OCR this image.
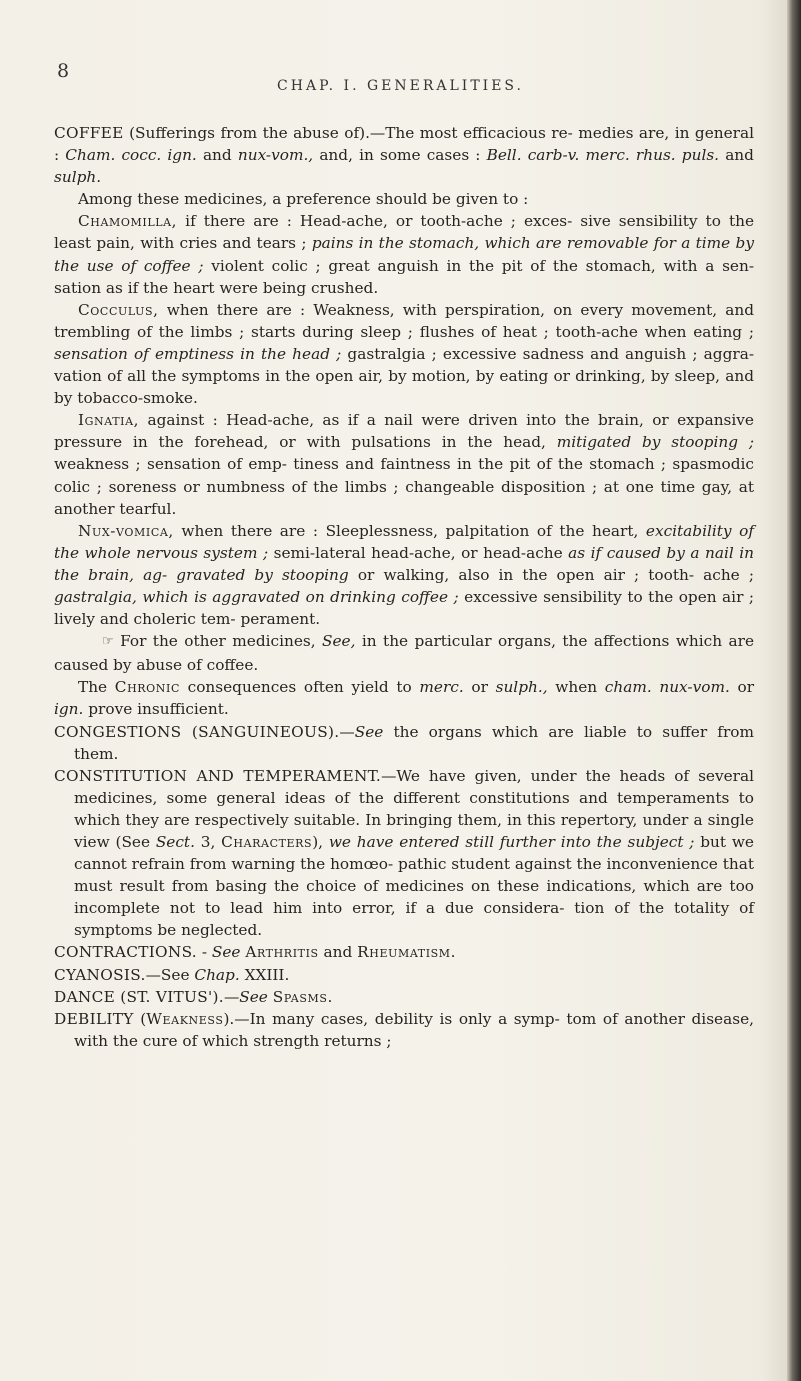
8
CHAP. I. GENERALITIES.

COFFEE (Sufferings from the abuse of).—The most efficacious re- medies are, in general : Cham. cocc. ign. and nux-vom., and, in some cases : Bell. carb-v. merc. rhus. puls. and sulph.

Among these medicines, a preference should be given to :

Chamomilla, if there are : Head-ache, or tooth-ache ; exces- sive sensibility to the least pain, with cries and tears ; pains in the stomach, which are removable for a time by the use of coffee ; violent colic ; great anguish in the pit of the stomach, with a sen- sation as if the heart were being crushed.

Cocculus, when there are : Weakness, with perspiration, on every movement, and trembling of the limbs ; starts during sleep ; flushes of heat ; tooth-ache when eating ; sensation of emptiness in the head ; gastralgia ; excessive sadness and anguish ; aggra- vation of all the symptoms in the open air, by motion, by eating or drinking, by sleep, and by tobacco-smoke.

Ignatia, against : Head-ache, as if a nail were driven into the brain, or expansive pressure in the forehead, or with pulsations in the head, mitigated by stooping ; weakness ; sensation of emp- tiness and faintness in the pit of the stomach ; spasmodic colic ; soreness or numbness of the limbs ; changeable disposition ; at one time gay, at another tearful.

Nux-vomica, when there are : Sleeplessness, palpitation of the heart, excitability of the whole nervous system ; semi-lateral head-ache, or head-ache as if caused by a nail in the brain, ag- gravated by stooping or walking, also in the open air ; tooth- ache ; gastralgia, which is aggravated on drinking coffee ; excessive sensibility to the open air ; lively and choleric tem- perament.

☞ For the other medicines, See, in the particular organs, the affections which are caused by abuse of coffee.

The Chronic consequences often yield to merc. or sulph., when cham. nux-vom. or ign. prove insufficient.

CONGESTIONS (SANGUINEOUS).—See the organs which are liable to suffer from them.

CONSTITUTION AND TEMPERAMENT.—We have given, under the heads of several medicines, some general ideas of the different constitutions and temperaments to which they are respectively suitable. In bringing them, in this repertory, under a single view (See Sect. 3, Characters), we have entered still further into the subject ; but we cannot refrain from warning the homœo- pathic student against the inconvenience that must result from basing the choice of medicines on these indications, which are too incomplete not to lead him into error, if a due considera- tion of the totality of symptoms be neglected.

CONTRACTIONS. - See Arthritis and Rheumatism.

CYANOSIS.—See Chap. XXIII.

DANCE (ST. VITUS').—See Spasms.

DEBILITY (Weakness).—In many cases, debility is only a symp- tom of another disease, with the cure of which strength returns ;
